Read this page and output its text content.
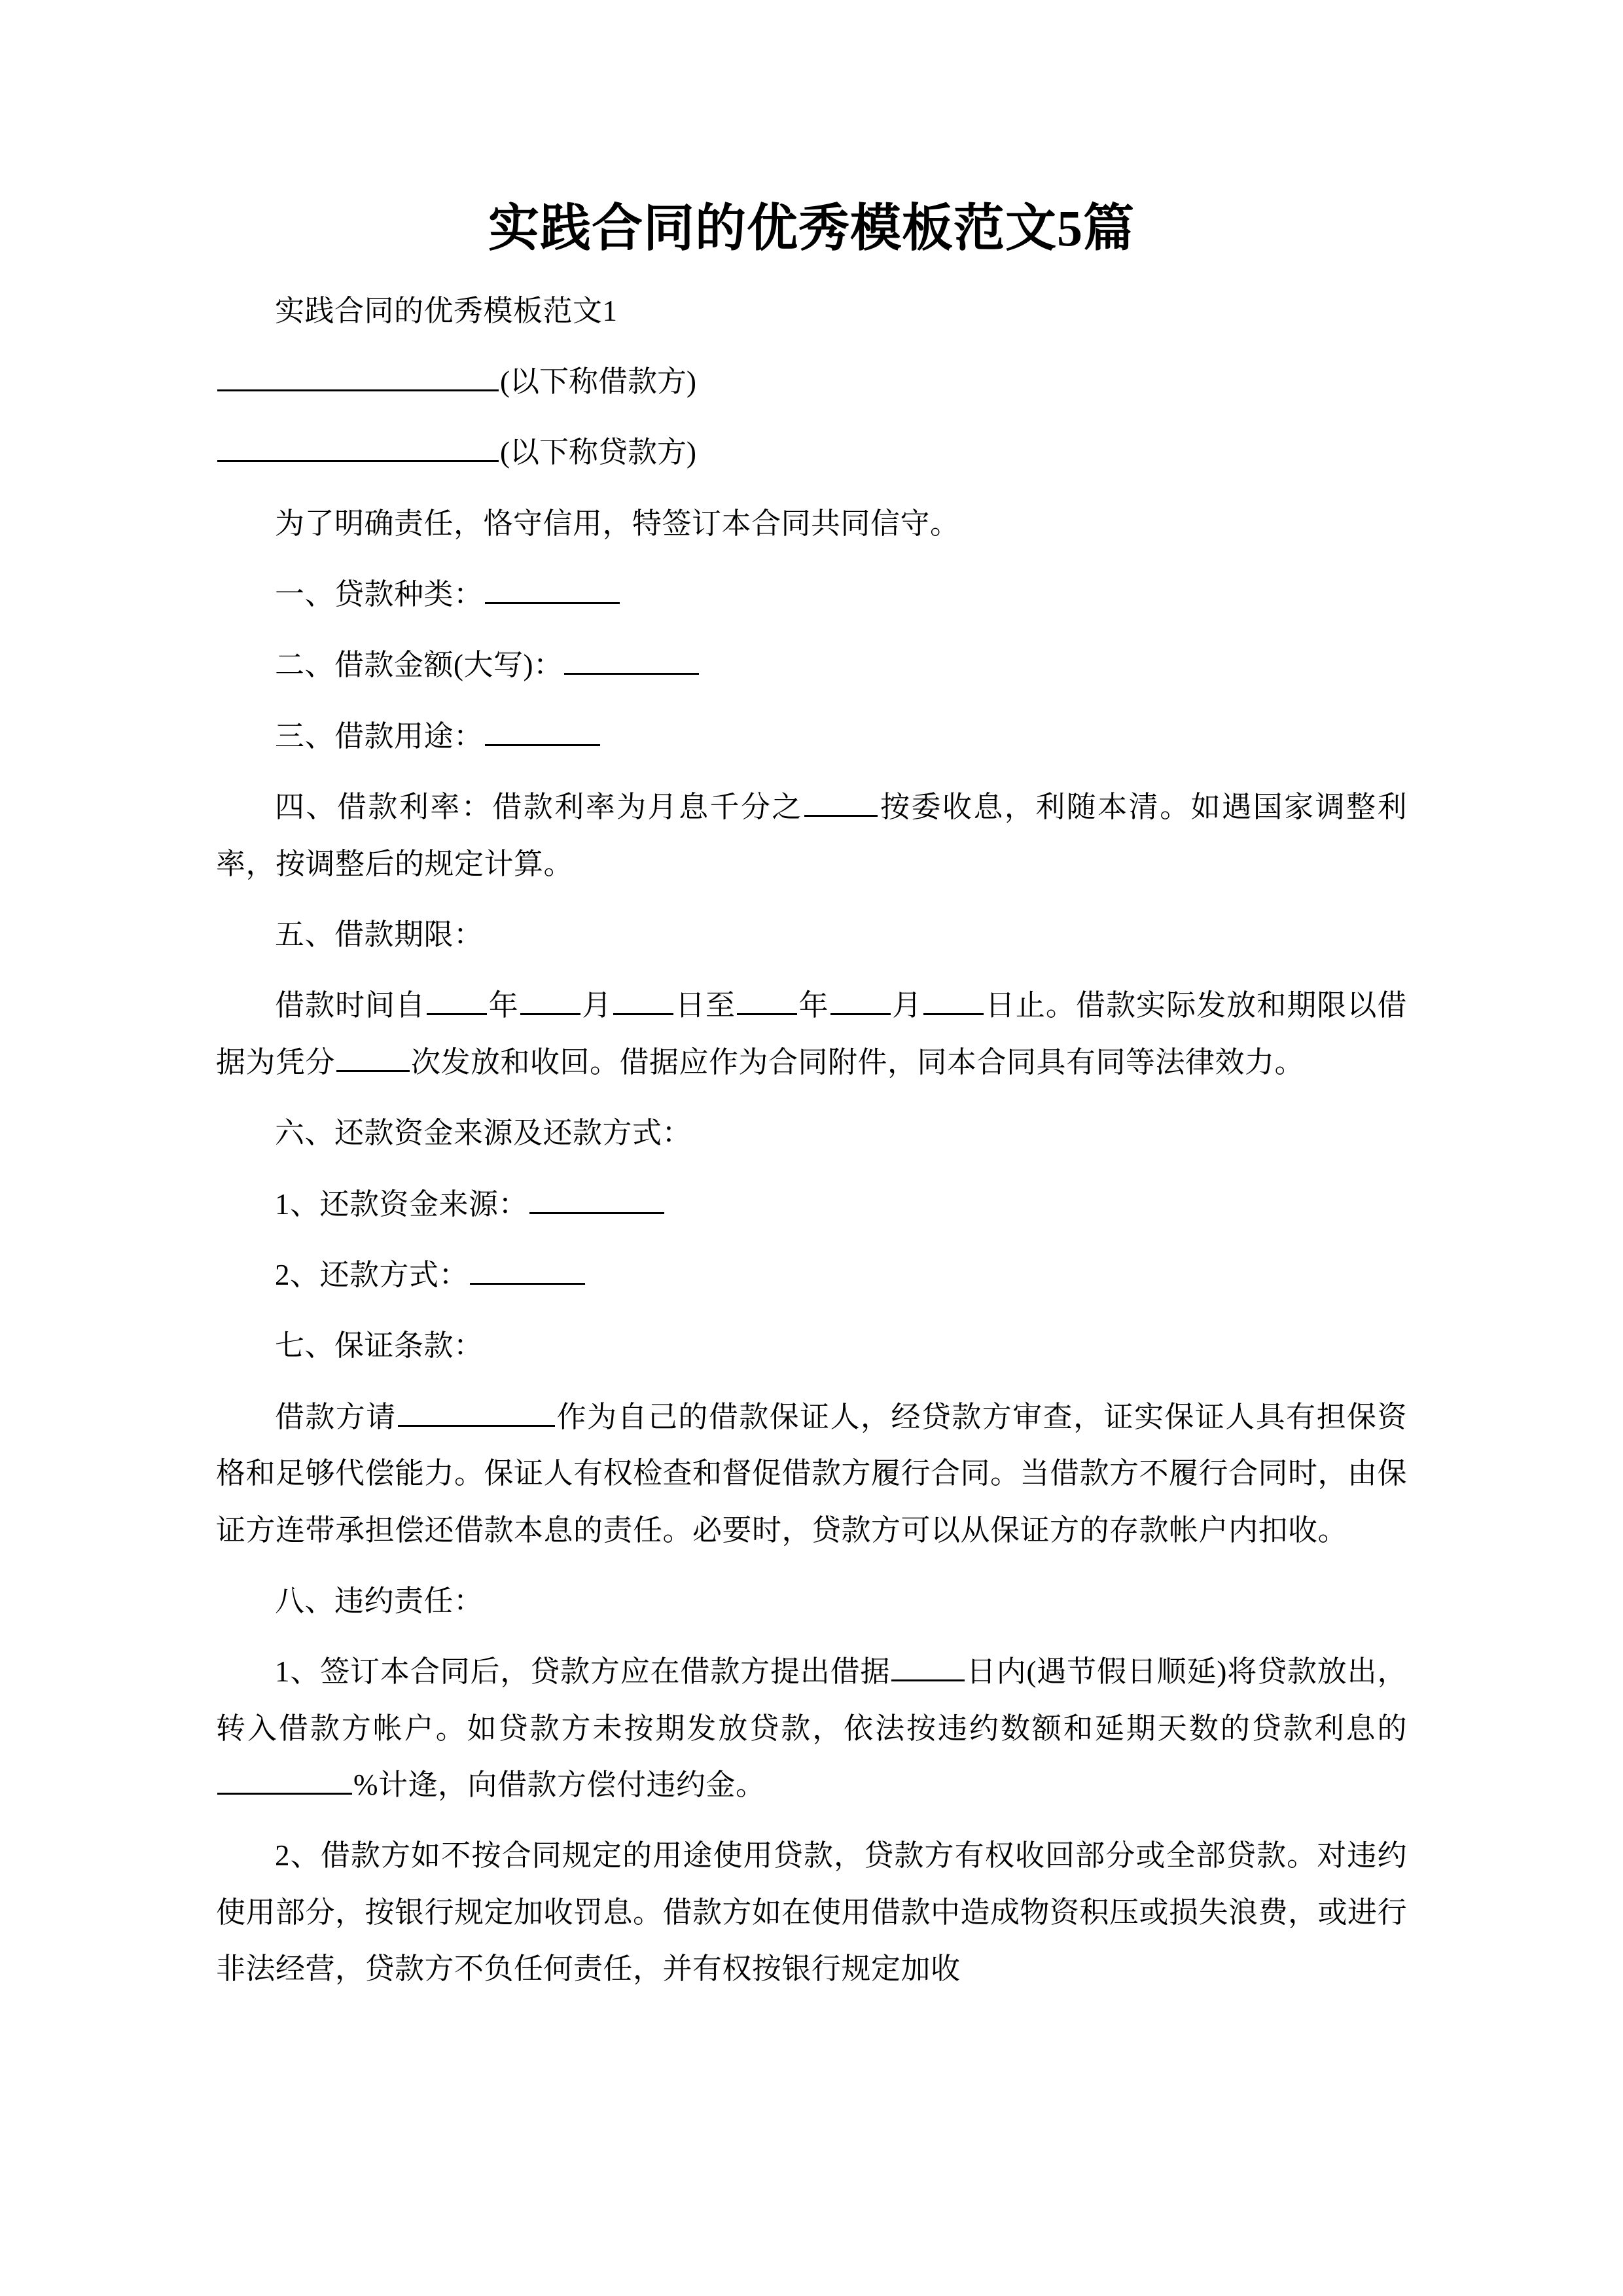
实践合同的优秀模板范文5篇

实践合同的优秀模板范文1

(以下称借款方)

(以下称贷款方)

为了明确责任，恪守信用，特签订本合同共同信守。

一、贷款种类：

二、借款金额(大写)：

三、借款用途：

四、借款利率：借款利率为月息千分之	按委收息，利随本清。如遇国家调整利率，按调整后的规定计算。

五、借款期限：

借款时间自 年 月 日至 年 月 日止。借款实际发放和期限以借据为凭分	次发放和收回。借据应作为合同附件，同本合同具有同等法律效力。

六、还款资金来源及还款方式：

1、还款资金来源：

2、还款方式：

七、保证条款：

借款方请	作为自己的借款保证人，经贷款方审查，证实保证人具有担保资格和足够代偿能力。保证人有权检查和督促借款方履行合同。当借款方不履行合同时，由保证方连带承担偿还借款本息的责任。必要时，贷款方可以从保证方的存款帐户内扣收。

八、违约责任：

1、签订本合同后，贷款方应在借款方提出借据	日内(遇节假日顺延)将贷款放出，转入借款方帐户。如贷款方未按期发放贷款，依法按违约数额和延期天数的贷款利息的%计逄，向借款方偿付违约金。

2、借款方如不按合同规定的用途使用贷款，贷款方有权收回部分或全部贷款。对违约使用部分，按银行规定加收罚息。借款方如在使用借款中造成物资积压或损失浪费，或进行非法经营，贷款方不负任何责任，并有权按银行规定加收
